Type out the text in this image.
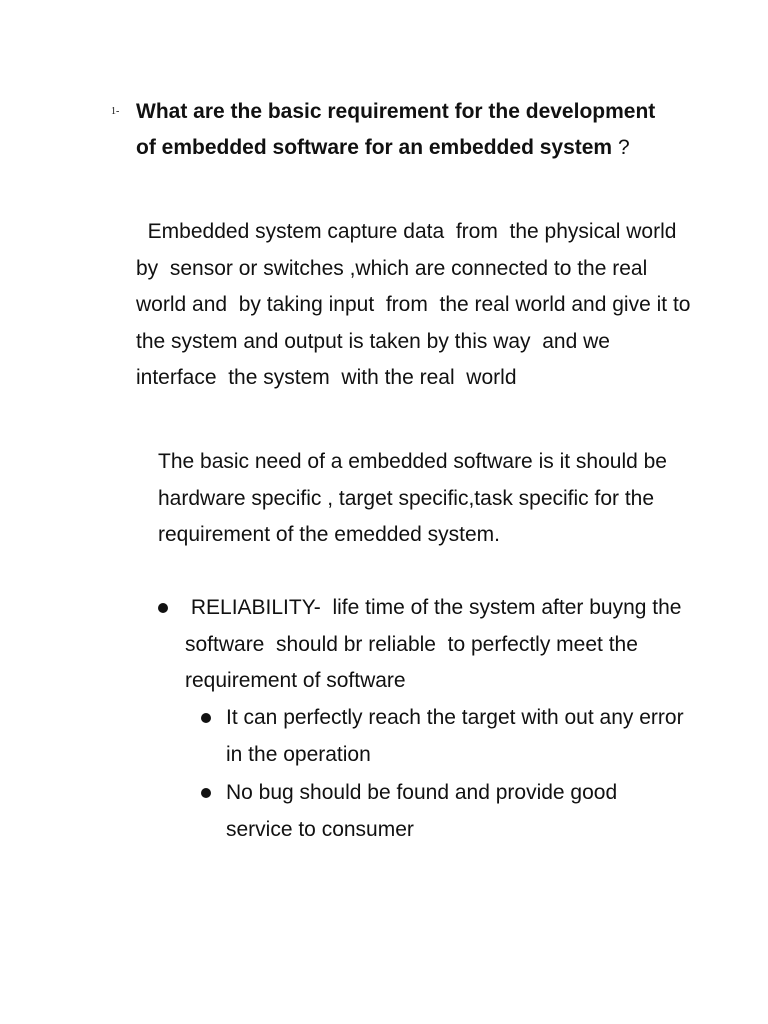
1- What are the basic requirement for the development of embedded software for an embedded system ?

Embedded system capture data  from  the physical world by  sensor or switches ,which are connected to the real world and  by taking input  from  the real world and give it to the system and output is taken by this way  and we interface  the system  with the real  world

The basic need of a embedded software is it should be hardware specific , target specific,task specific for the requirement of the emedded system.

RELIABILITY-  life time of the system after buyng the  software  should br reliable  to perfectly meet the requirement of software

It can perfectly reach the target with out any error in the operation

No bug should be found and provide good service to consumer
